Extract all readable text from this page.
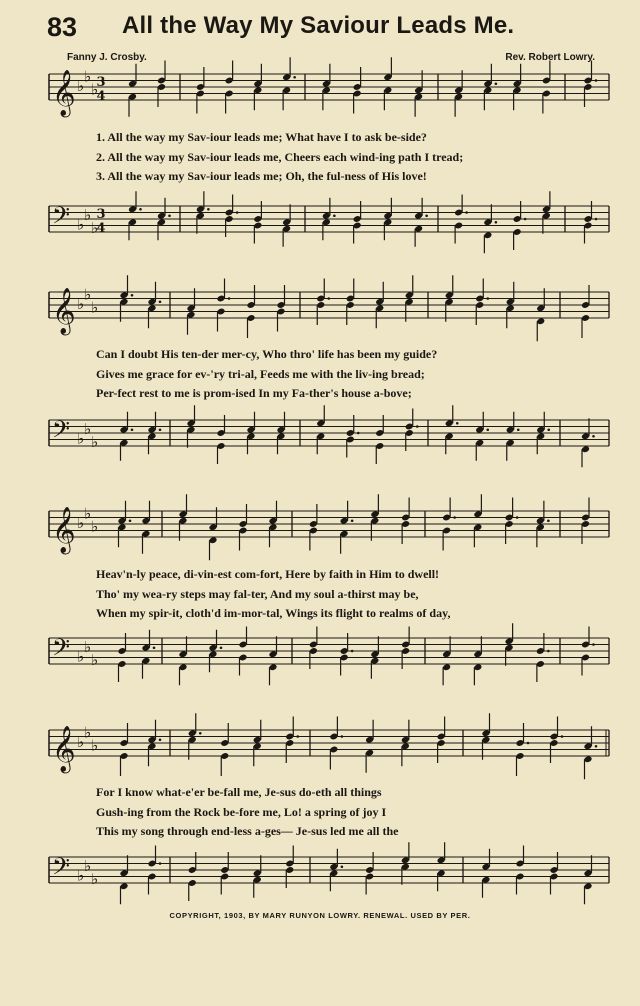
83 All the Way My Saviour Leads Me.
Fanny J. Crosby.	Rev. Robert Lowry.
𝄞 ♭
♭
♭
𝄢 ♭
♭
♭
3
4
3
4
𝄞 ♭
♭
♭
𝄢 ♭
♭
♭
𝄞 ♭
♭
♭
𝄢 ♭
♭
♭
𝄞 ♭
♭
♭
𝄢 ♭
♭
♭
1. All the way my Sav-iour leads me; What have I to ask be-side?
2. All the way my Sav-iour leads me, Cheers each wind-ing path I tread;
3. All the way my Sav-iour leads me; Oh, the ful-ness of His love!
Can I doubt His ten-der mer-cy, Who thro' life has been my guide?
Gives me grace for ev-'ry tri-al, Feeds me with the liv-ing bread;
Per-fect rest to me is prom-ised In my Fa-ther's house a-bove;
Heav'n-ly peace, di-vin-est com-fort, Here by faith in Him to dwell!
Tho' my wea-ry steps may fal-ter, And my soul a-thirst may be,
When my spir-it, cloth'd im-mor-tal, Wings its flight to realms of day,
For I know what-e'er be-fall me, Je-sus do-eth all things
Gush-ing from the Rock be-fore me, Lo! a spring of joy I
This my song through end-less a-ges— Je-sus led me all the
COPYRIGHT, 1903, BY MARY RUNYON LOWRY. RENEWAL. USED BY PER.
